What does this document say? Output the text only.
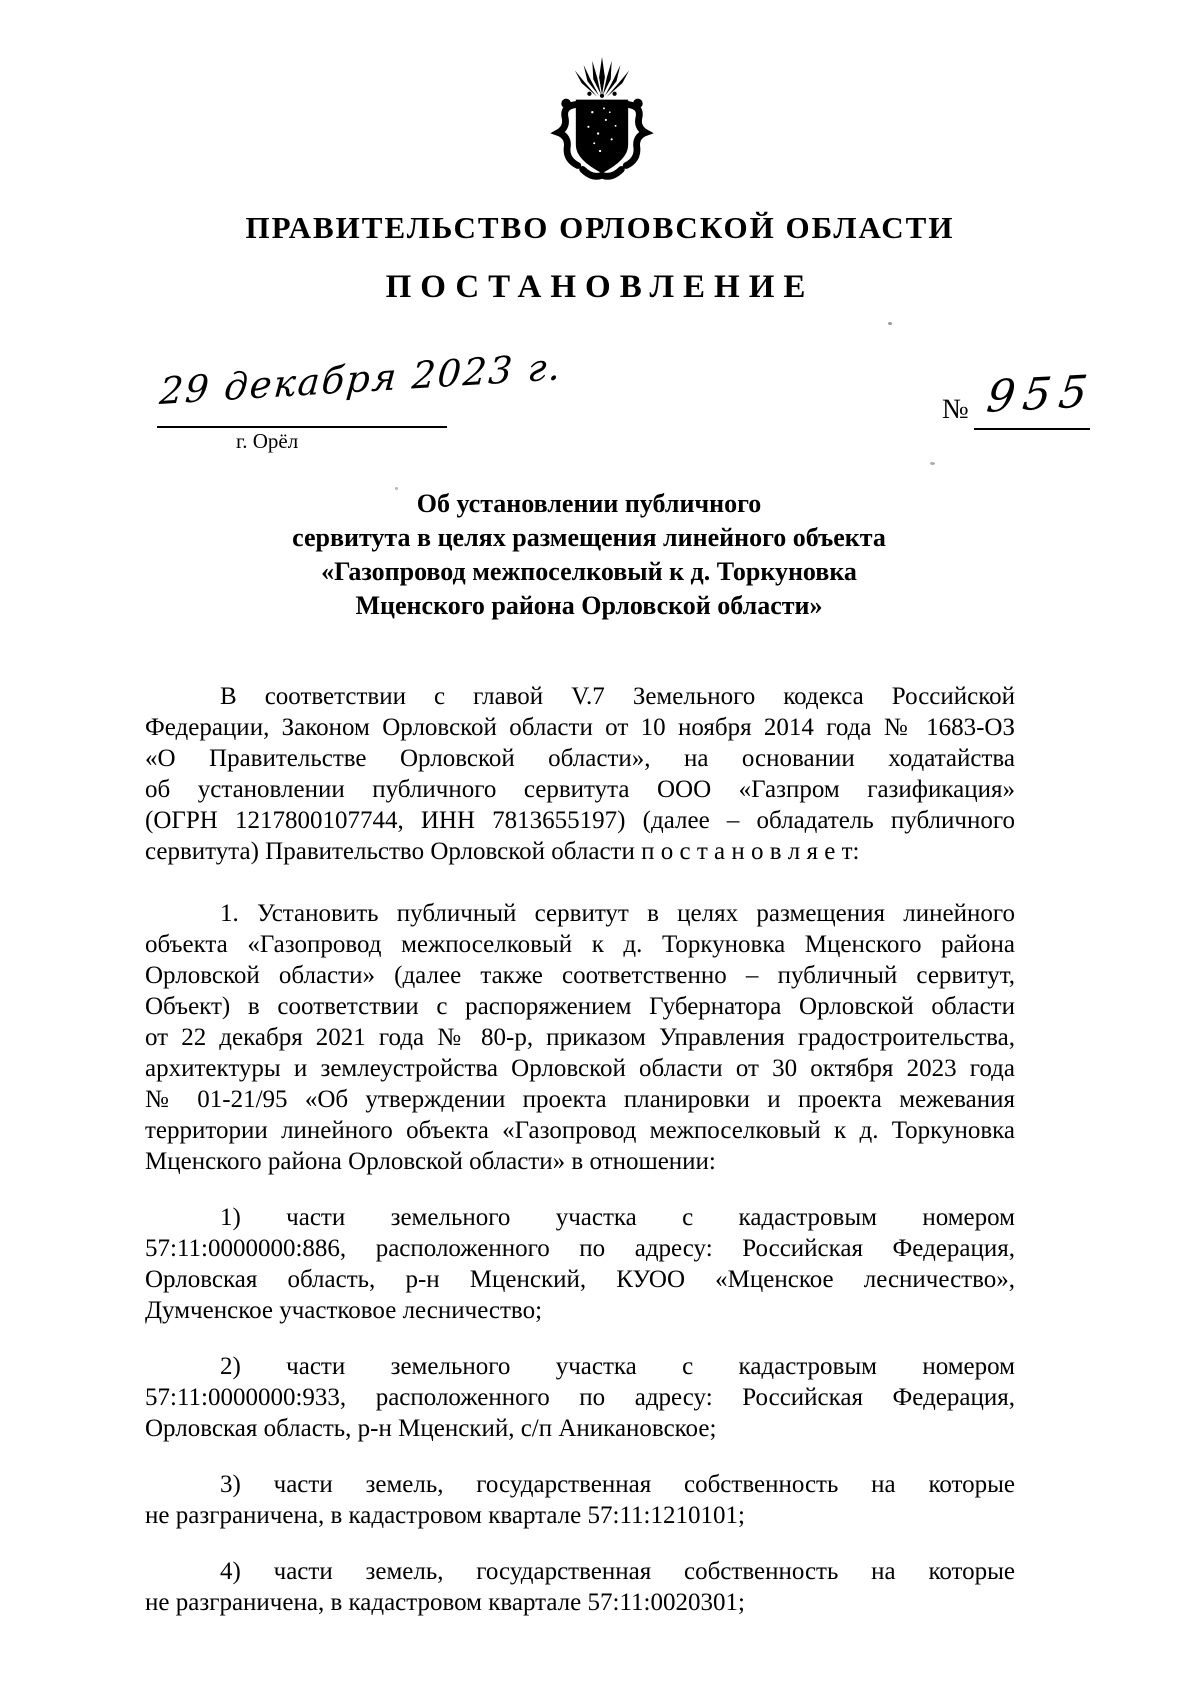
ПРАВИТЕЛЬСТВО ОРЛОВСКОЙ ОБЛАСТИ
ПОСТАНОВЛЕНИЕ
29 декабря 2023 г.
г. Орёл
№ 955
Об установлении публичного
сервитута в целях размещения линейного объекта
«Газопровод межпоселковый к д. Торкуновка
Мценского района Орловской области»

В соответствии с главой V.7 Земельного кодекса Российской
Федерации, Законом Орловской области от 10 ноября 2014 года № 1683-ОЗ
«О Правительстве Орловской области», на основании ходатайства
об установлении публичного сервитута ООО «Газпром газификация»
(ОГРН 1217800107744, ИНН 7813655197) (далее – обладатель публичного
сервитута) Правительство Орловской области п о с т а н о в л я е т:

1. Установить публичный сервитут в целях размещения линейного
объекта «Газопровод межпоселковый к д. Торкуновка Мценского района
Орловской области» (далее также соответственно – публичный сервитут,
Объект) в соответствии с распоряжением Губернатора Орловской области
от 22 декабря 2021 года № 80-р, приказом Управления градостроительства,
архитектуры и землеустройства Орловской области от 30 октября 2023 года
№ 01-21/95 «Об утверждении проекта планировки и проекта межевания
территории линейного объекта «Газопровод межпоселковый к д. Торкуновка
Мценского района Орловской области» в отношении:

1) части земельного участка с кадастровым номером
57:11:0000000:886, расположенного по адресу: Российская Федерация,
Орловская область, р-н Мценский, КУОО «Мценское лесничество»,
Думченское участковое лесничество;

2) части земельного участка с кадастровым номером
57:11:0000000:933, расположенного по адресу: Российская Федерация,
Орловская область, р-н Мценский, с/п Аникановское;

3) части земель, государственная собственность на которые
не разграничена, в кадастровом квартале 57:11:1210101;

4) части земель, государственная собственность на которые
не разграничена, в кадастровом квартале 57:11:0020301;
